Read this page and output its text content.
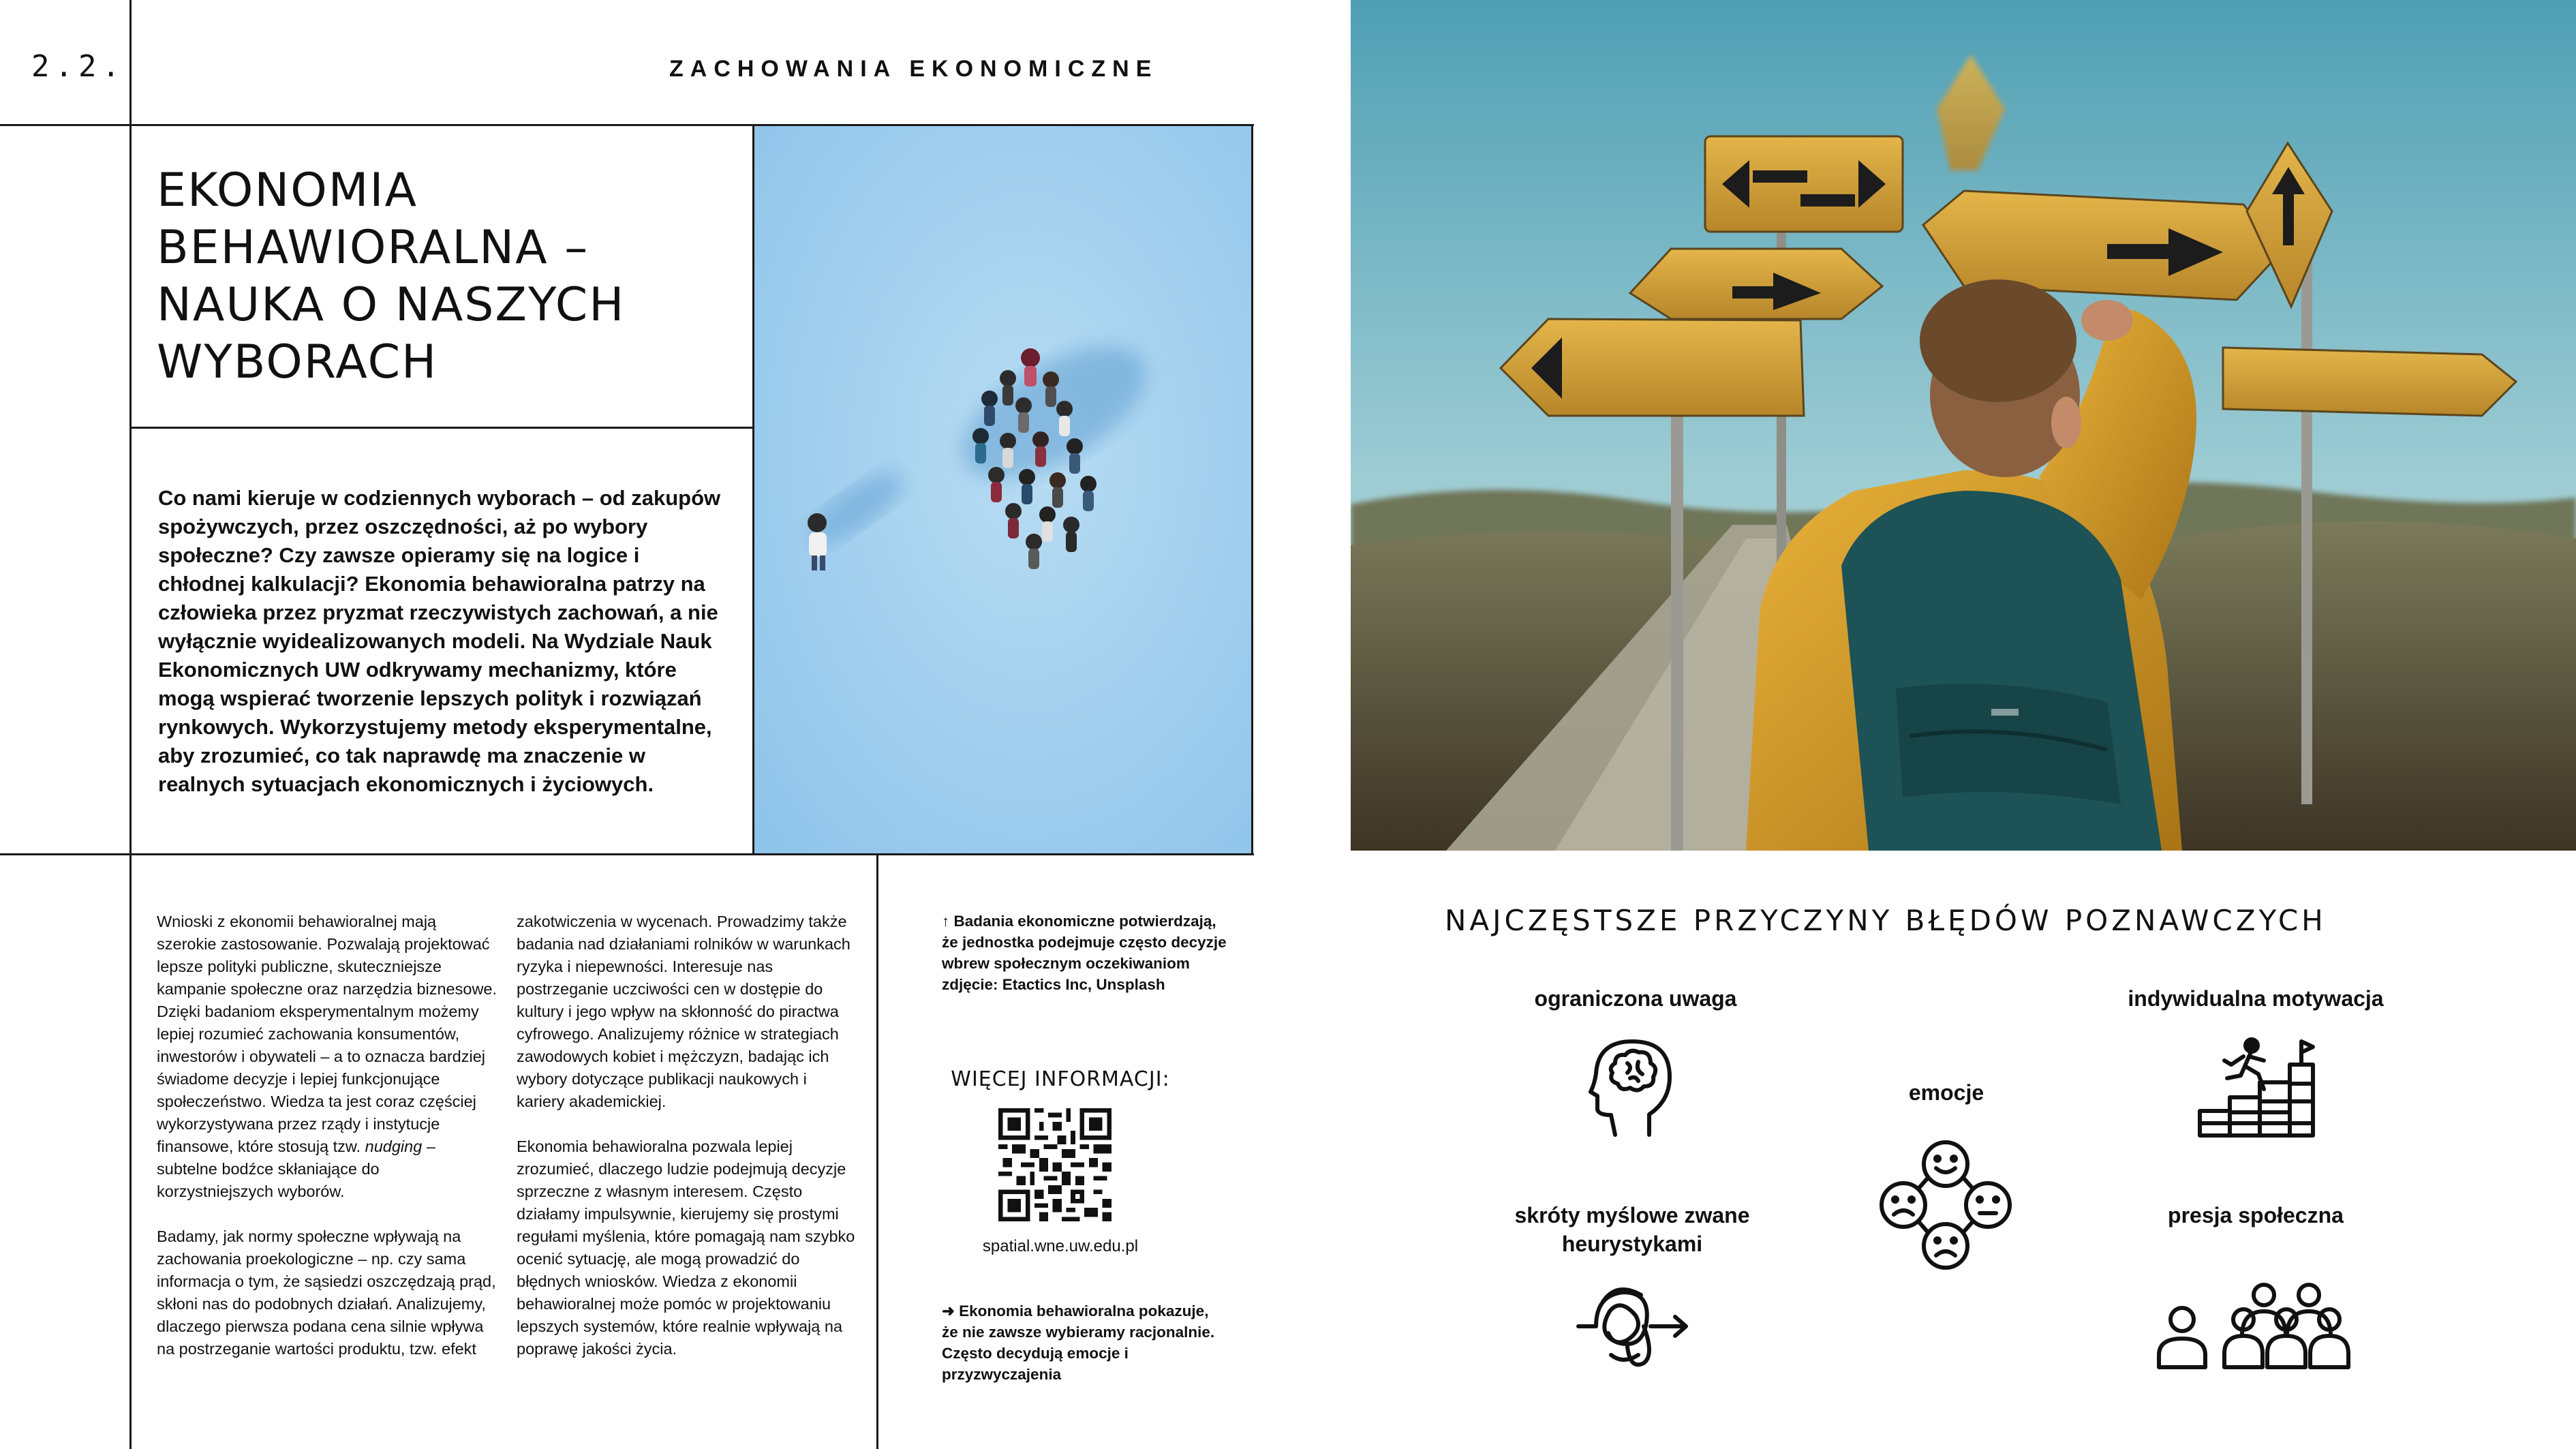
2.2.	ZACHOWANIA EKONOMICZNE
EKONOMIA
BEHAWIORALNA –
NAUKA O NASZYCH
WYBORACH
Co nami kieruje w codziennych wyborach – od zakupów spożywczych, przez oszczędności, aż po wybory społeczne? Czy zawsze opieramy się na logice i chłodnej kalkulacji? Ekonomia behawioralna patrzy na człowieka przez pryzmat rzeczywistych zachowań, a nie wyłącznie wyidealizowanych modeli. Na Wydziale Nauk Ekonomicznych UW odkrywamy mechanizmy, które mogą wspierać tworzenie lepszych polityk i rozwiązań rynkowych. Wykorzystujemy metody eksperymentalne, aby zrozumieć, co tak naprawdę ma znaczenie w realnych sytuacjach ekonomicznych i życiowych.

Wnioski z ekonomii behawioralnej mają szerokie zastosowanie. Pozwalają projektować lepsze polityki publiczne, skuteczniejsze kampanie społeczne oraz narzędzia biznesowe. Dzięki badaniom eksperymentalnym możemy lepiej rozumieć zachowania konsumentów, inwestorów i obywateli – a to oznacza bardziej świadome decyzje i lepiej funkcjonujące społeczeństwo. Wiedza ta jest coraz częściej wykorzystywana przez rządy i instytucje finansowe, które stosują tzw. nudging – subtelne bodźce skłaniające do korzystniejszych wyborów.

Badamy, jak normy społeczne wpływają na zachowania proekologiczne – np. czy sama informacja o tym, że sąsiedzi oszczędzają prąd, skłoni nas do podobnych działań. Analizujemy, dlaczego pierwsza podana cena silnie wpływa na postrzeganie wartości produktu, tzw. efekt

zakotwiczenia w wycenach. Prowadzimy także badania nad działaniami rolników w warunkach ryzyka i niepewności. Interesuje nas postrzeganie uczciwości cen w dostępie do kultury i jego wpływ na skłonność do piractwa cyfrowego. Analizujemy różnice w strategiach zawodowych kobiet i mężczyzn, badając ich wybory dotyczące publikacji naukowych i kariery akademickiej.

Ekonomia behawioralna pozwala lepiej zrozumieć, dlaczego ludzie podejmują decyzje sprzeczne z własnym interesem. Często działamy impulsywnie, kierujemy się prostymi regułami myślenia, które pomagają nam szybko ocenić sytuację, ale mogą prowadzić do błędnych wniosków. Wiedza z ekonomii behawioralnej może pomóc w projektowaniu lepszych systemów, które realnie wpływają na poprawę jakości życia.

↑ Badania ekonomiczne potwierdzają, że jednostka podejmuje często decyzje wbrew społecznym oczekiwaniom
zdjęcie: Etactics Inc, Unsplash
WIĘCEJ INFORMACJI:
spatial.wne.uw.edu.pl
➜ Ekonomia behawioralna pokazuje, że nie zawsze wybieramy racjonalnie. Często decydują emocje i przyzwyczajenia
NAJCZĘSTSZE PRZYCZYNY BŁĘDÓW POZNAWCZYCH
ograniczona uwaga	indywidualna motywacja
emocje
skróty myślowe zwane heurystykami
presja społeczna
